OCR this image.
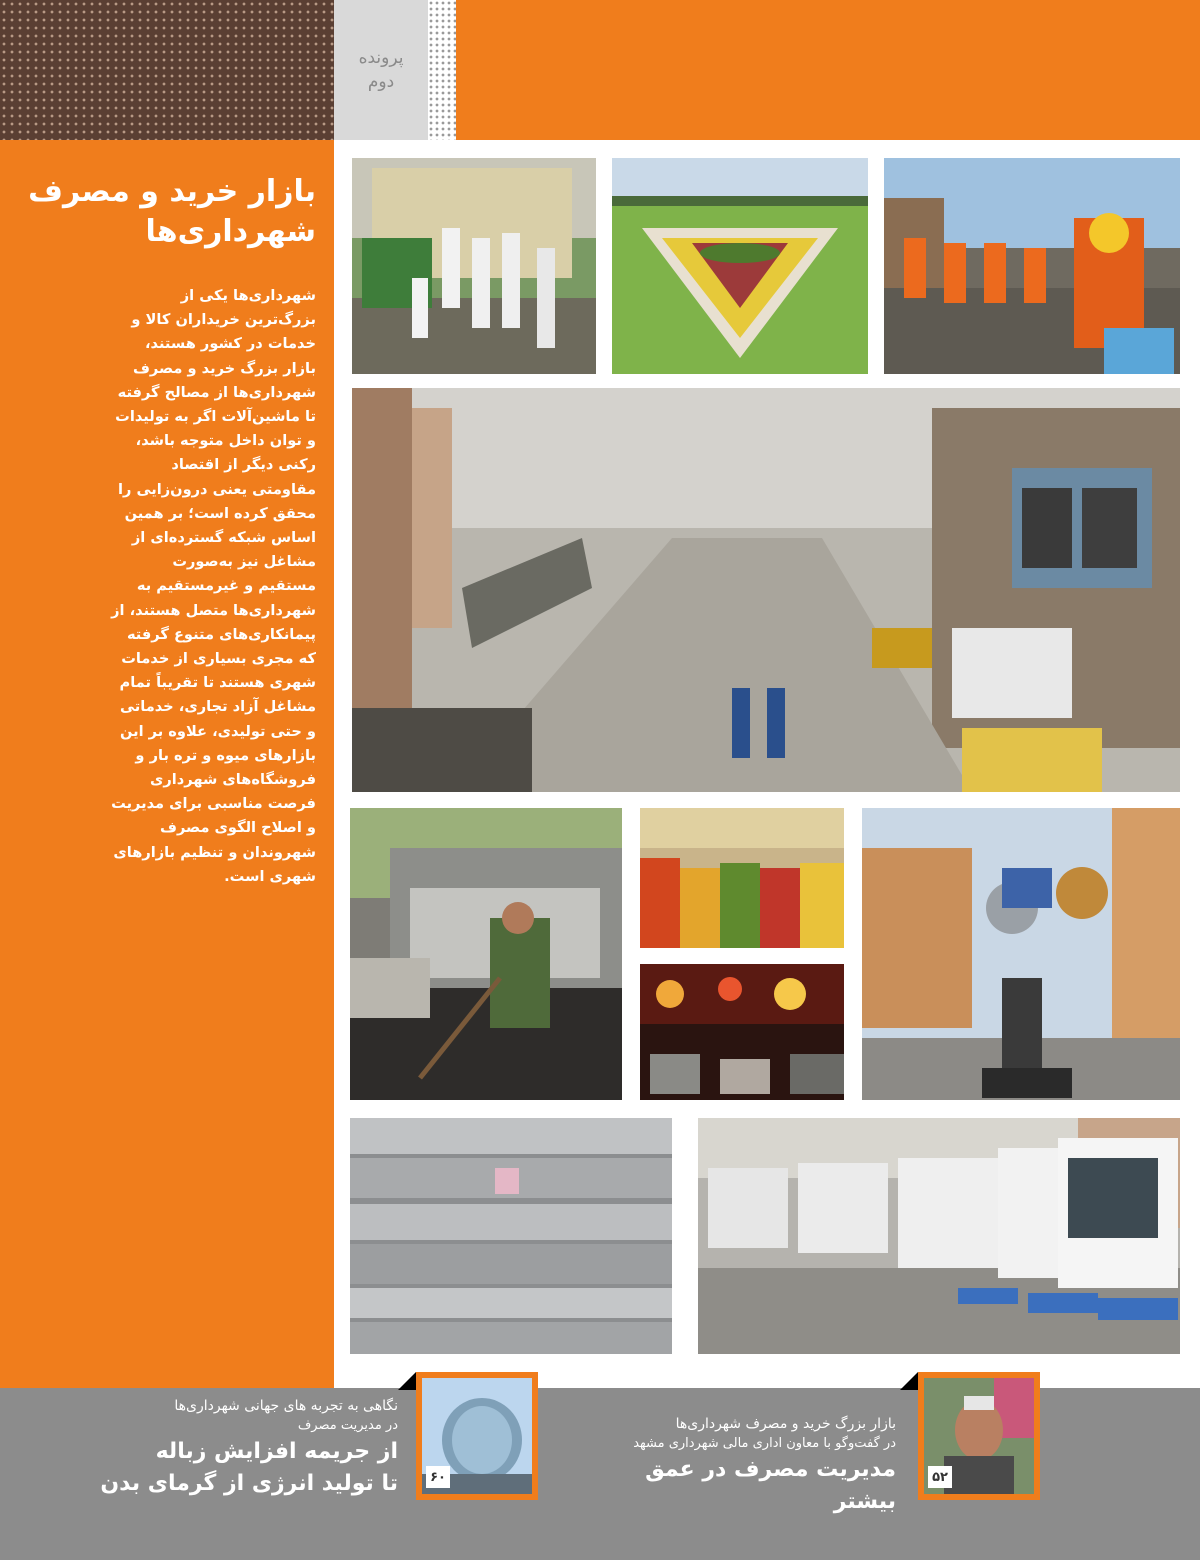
پرونده
دوم
بازار خرید و مصرف
شهرداری‌ها
شهرداری‌ها یکی از بزرگ‌ترین خریداران کالا و خدمات در کشور هستند، بازار بزرگ خرید و مصرف شهرداری‌ها از مصالح گرفته تا ماشین‌آلات اگر به تولیدات و توان داخل متوجه باشد، رکنی دیگر از اقتصاد مقاومتی یعنی درون‌زایی را محقق کرده است؛ بر همین اساس شبکه گسترده‌ای از مشاغل نیز به‌صورت مستقیم و غیرمستقیم به شهرداری‌ها متصل هستند، از پیمانکاری‌های متنوع گرفته که مجری بسیاری از خدمات شهری هستند تا تقریباً تمام مشاغل آزاد تجاری، خدماتی و حتی تولیدی، علاوه بر این بازارهای میوه و تره بار و فروشگاه‌های شهرداری فرصت مناسبی برای مدیریت و اصلاح الگوی مصرف شهروندان و تنظیم بازارهای شهری است.
۵۲
بازار بزرگ خرید و مصرف شهرداری‌ها
در گفت‌وگو با معاون اداری مالی شهرداری مشهد
مدیریت مصرف در عمق بیشتر
۶۰
نگاهی به تجربه‌ های جهانی شهرداری‌ها
در مدیریت مصرف
از جریمه افزایش زباله
تا تولید انرژی از گرمای بدن
